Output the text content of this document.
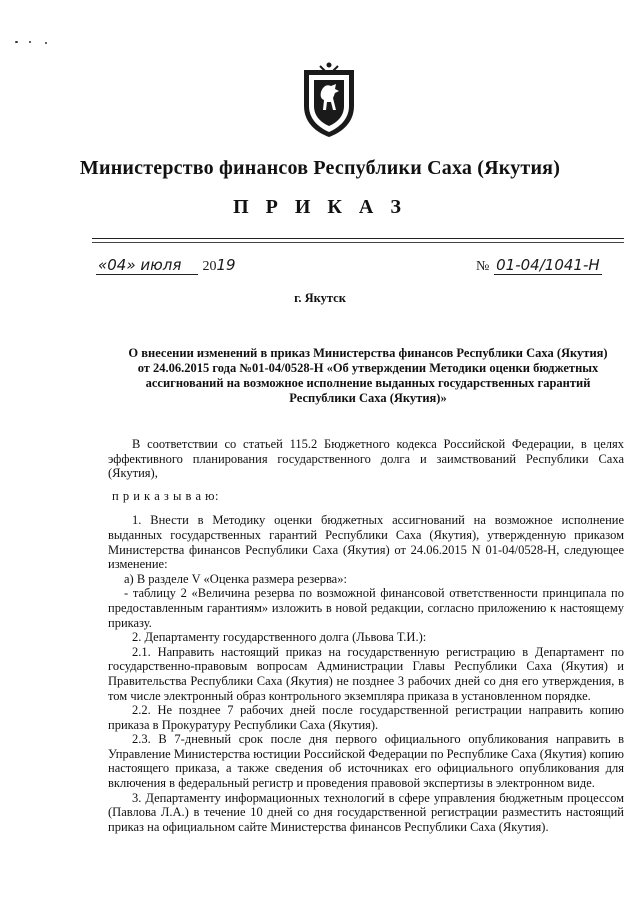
Министерство финансов Республики Саха (Якутия)
П Р И К А З
«04» июля 2019	№ 01-04/1041-Н
г. Якутск
О внесении изменений в приказ Министерства финансов Республики Саха (Якутия)
от 24.06.2015 года №01-04/0528-Н «Об утверждении Методики оценки бюджетных
ассигнований на возможное исполнение выданных государственных гарантий
Республики Саха (Якутия)»

В соответствии со статьей 115.2 Бюджетного кодекса Российской Федерации, в целях эффективного планирования государственного долга и заимствований Республики Саха (Якутия),

п р и к а з ы в а ю:

1. Внести в Методику оценки бюджетных ассигнований на возможное исполнение выданных государственных гарантий Республики Саха (Якутия), утвержденную приказом Министерства финансов Республики Саха (Якутия) от 24.06.2015 N 01-04/0528-Н, следующее изменение:

а) В разделе V «Оценка размера резерва»:

- таблицу 2 «Величина резерва по возможной финансовой ответственности принципала по предоставленным гарантиям» изложить в новой редакции, согласно приложению к настоящему приказу.

2. Департаменту государственного долга (Львова Т.И.):

2.1. Направить настоящий приказ на государственную регистрацию в Департамент по государственно-правовым вопросам Администрации Главы Республики Саха (Якутия) и Правительства Республики Саха (Якутия) не позднее 3 рабочих дней со дня его утверждения, в том числе электронный образ контрольного экземпляра приказа в установленном порядке.

2.2. Не позднее 7 рабочих дней после государственной регистрации направить копию приказа в Прокуратуру Республики Саха (Якутия).

2.3. В 7-дневный срок после дня первого официального опубликования направить в Управление Министерства юстиции Российской Федерации по Республике Саха (Якутия) копию настоящего приказа, а также сведения об источниках его официального опубликования для включения в федеральный регистр и проведения правовой экспертизы в электронном виде.

3. Департаменту информационных технологий в сфере управления бюджетным процессом (Павлова Л.А.) в течение 10 дней со дня государственной регистрации разместить настоящий приказ на официальном сайте Министерства финансов Республики Саха (Якутия).
